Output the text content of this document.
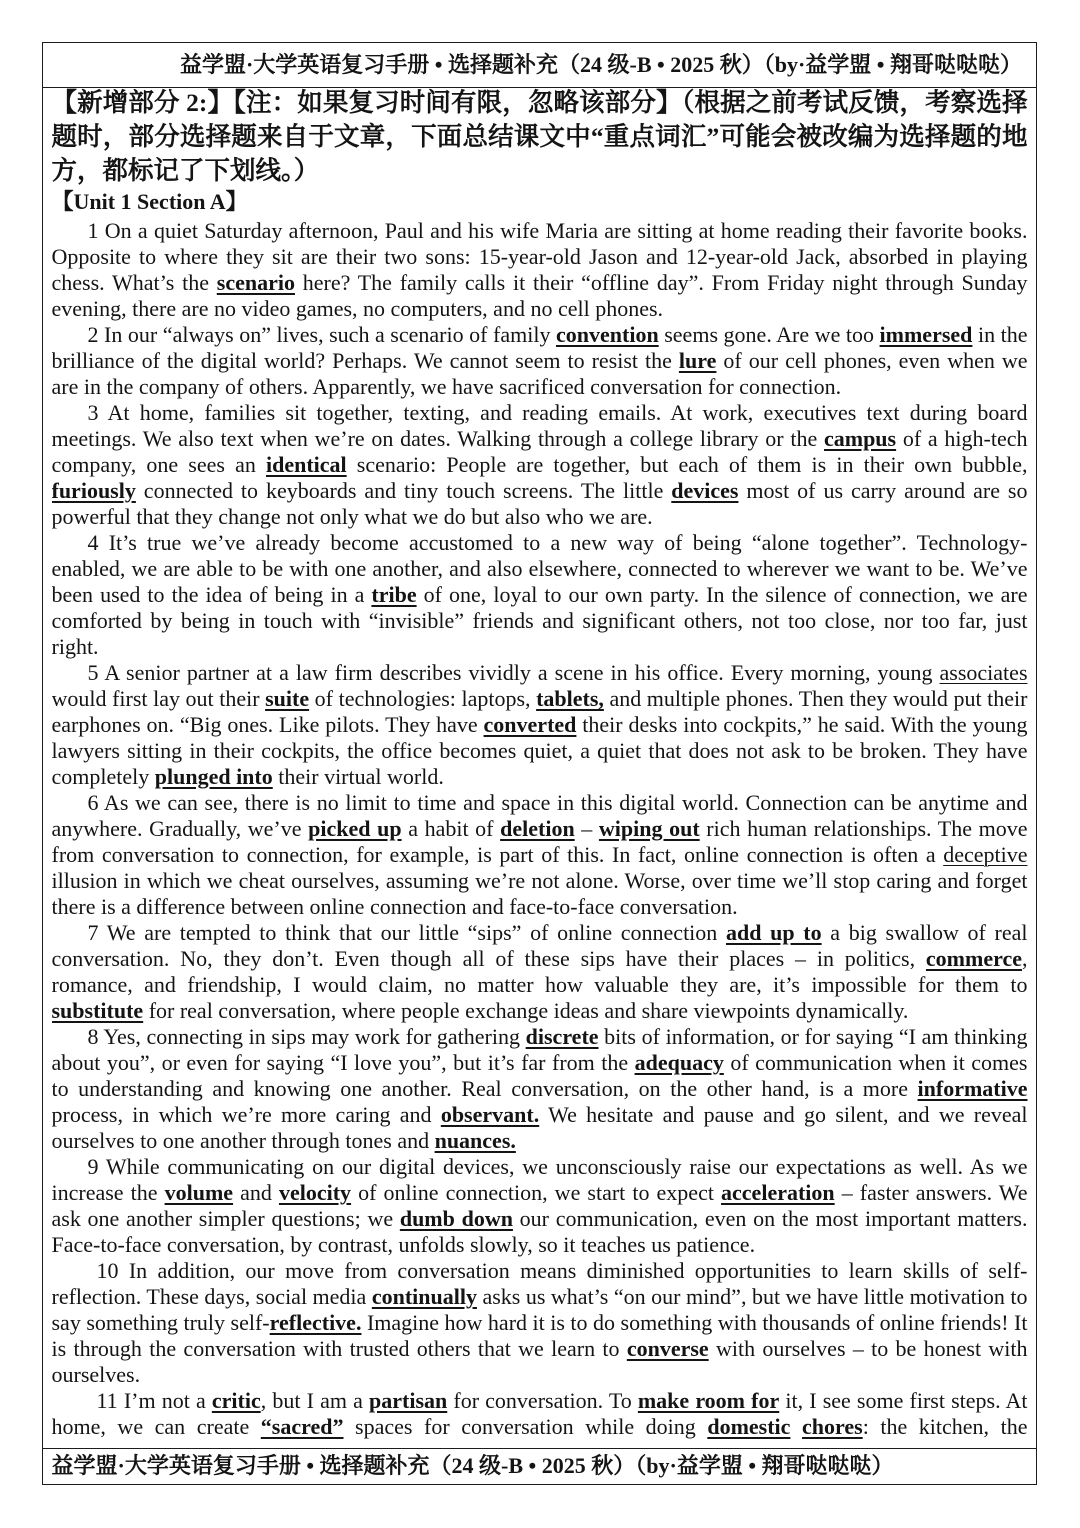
益学盟·大学英语复习手册 • 选择题补充（24 级-B • 2025 秋）（by·益学盟 • 翔哥哒哒哒）
【新增部分 2:】【注：如果复习时间有限，忽略该部分】（根据之前考试反馈，考察选择题时，部分选择题来自于文章，下面总结课文中“重点词汇”可能会被改编为选择题的地方，都标记了下划线。）
【Unit 1 Section A】

1 On a quiet Saturday afternoon, Paul and his wife Maria are sitting at home reading their favorite books. Opposite to where they sit are their two sons: 15-year-old Jason and 12-year-old Jack, absorbed in playing chess. What’s the scenario here? The family calls it their “offline day”. From Friday night through Sunday evening, there are no video games, no computers, and no cell phones.

2 In our “always on” lives, such a scenario of family convention seems gone. Are we too immersed in the brilliance of the digital world? Perhaps. We cannot seem to resist the lure of our cell phones, even when we are in the company of others. Apparently, we have sacrificed conversation for connection.

3 At home, families sit together, texting, and reading emails. At work, executives text during board meetings. We also text when we’re on dates. Walking through a college library or the campus of a high-tech company, one sees an identical scenario: People are together, but each of them is in their own bubble, furiously connected to keyboards and tiny touch screens. The little devices most of us carry around are so powerful that they change not only what we do but also who we are.

4 It’s true we’ve already become accustomed to a new way of being “alone together”. Technology-enabled, we are able to be with one another, and also elsewhere, connected to wherever we want to be. We’ve been used to the idea of being in a tribe of one, loyal to our own party. In the silence of connection, we are comforted by being in touch with “invisible” friends and significant others, not too close, nor too far, just right.

5 A senior partner at a law firm describes vividly a scene in his office. Every morning, young associates would first lay out their suite of technologies: laptops, tablets, and multiple phones. Then they would put their earphones on. “Big ones. Like pilots. They have converted their desks into cockpits,” he said. With the young lawyers sitting in their cockpits, the office becomes quiet, a quiet that does not ask to be broken. They have completely plunged into their virtual world.

6 As we can see, there is no limit to time and space in this digital world. Connection can be anytime and anywhere. Gradually, we’ve picked up a habit of deletion – wiping out rich human relationships. The move from conversation to connection, for example, is part of this. In fact, online connection is often a deceptive illusion in which we cheat ourselves, assuming we’re not alone. Worse, over time we’ll stop caring and forget there is a difference between online connection and face-to-face conversation.

7 We are tempted to think that our little “sips” of online connection add up to a big swallow of real conversation. No, they don’t. Even though all of these sips have their places – in politics, commerce, romance, and friendship, I would claim, no matter how valuable they are, it’s impossible for them to substitute for real conversation, where people exchange ideas and share viewpoints dynamically.

8 Yes, connecting in sips may work for gathering discrete bits of information, or for saying “I am thinking about you”, or even for saying “I love you”, but it’s far from the adequacy of communication when it comes to understanding and knowing one another. Real conversation, on the other hand, is a more informative process, in which we’re more caring and observant. We hesitate and pause and go silent, and we reveal ourselves to one another through tones and nuances.

9 While communicating on our digital devices, we unconsciously raise our expectations as well. As we increase the volume and velocity of online connection, we start to expect acceleration – faster answers. We ask one another simpler questions; we dumb down our communication, even on the most important matters. Face-to-face conversation, by contrast, unfolds slowly, so it teaches us patience.

10 In addition, our move from conversation means diminished opportunities to learn skills of self-reflection. These days, social media continually asks us what’s “on our mind”, but we have little motivation to say something truly self-reflective. Imagine how hard it is to do something with thousands of online friends! It is through the conversation with trusted others that we learn to converse with ourselves – to be honest with ourselves.

11 I’m not a critic, but I am a partisan for conversation. To make room for it, I see some first steps. At home, we can create “sacred” spaces for conversation while doing domestic chores: the kitchen, the

益学盟·大学英语复习手册 • 选择题补充（24 级-B • 2025 秋）（by·益学盟 • 翔哥哒哒哒）
